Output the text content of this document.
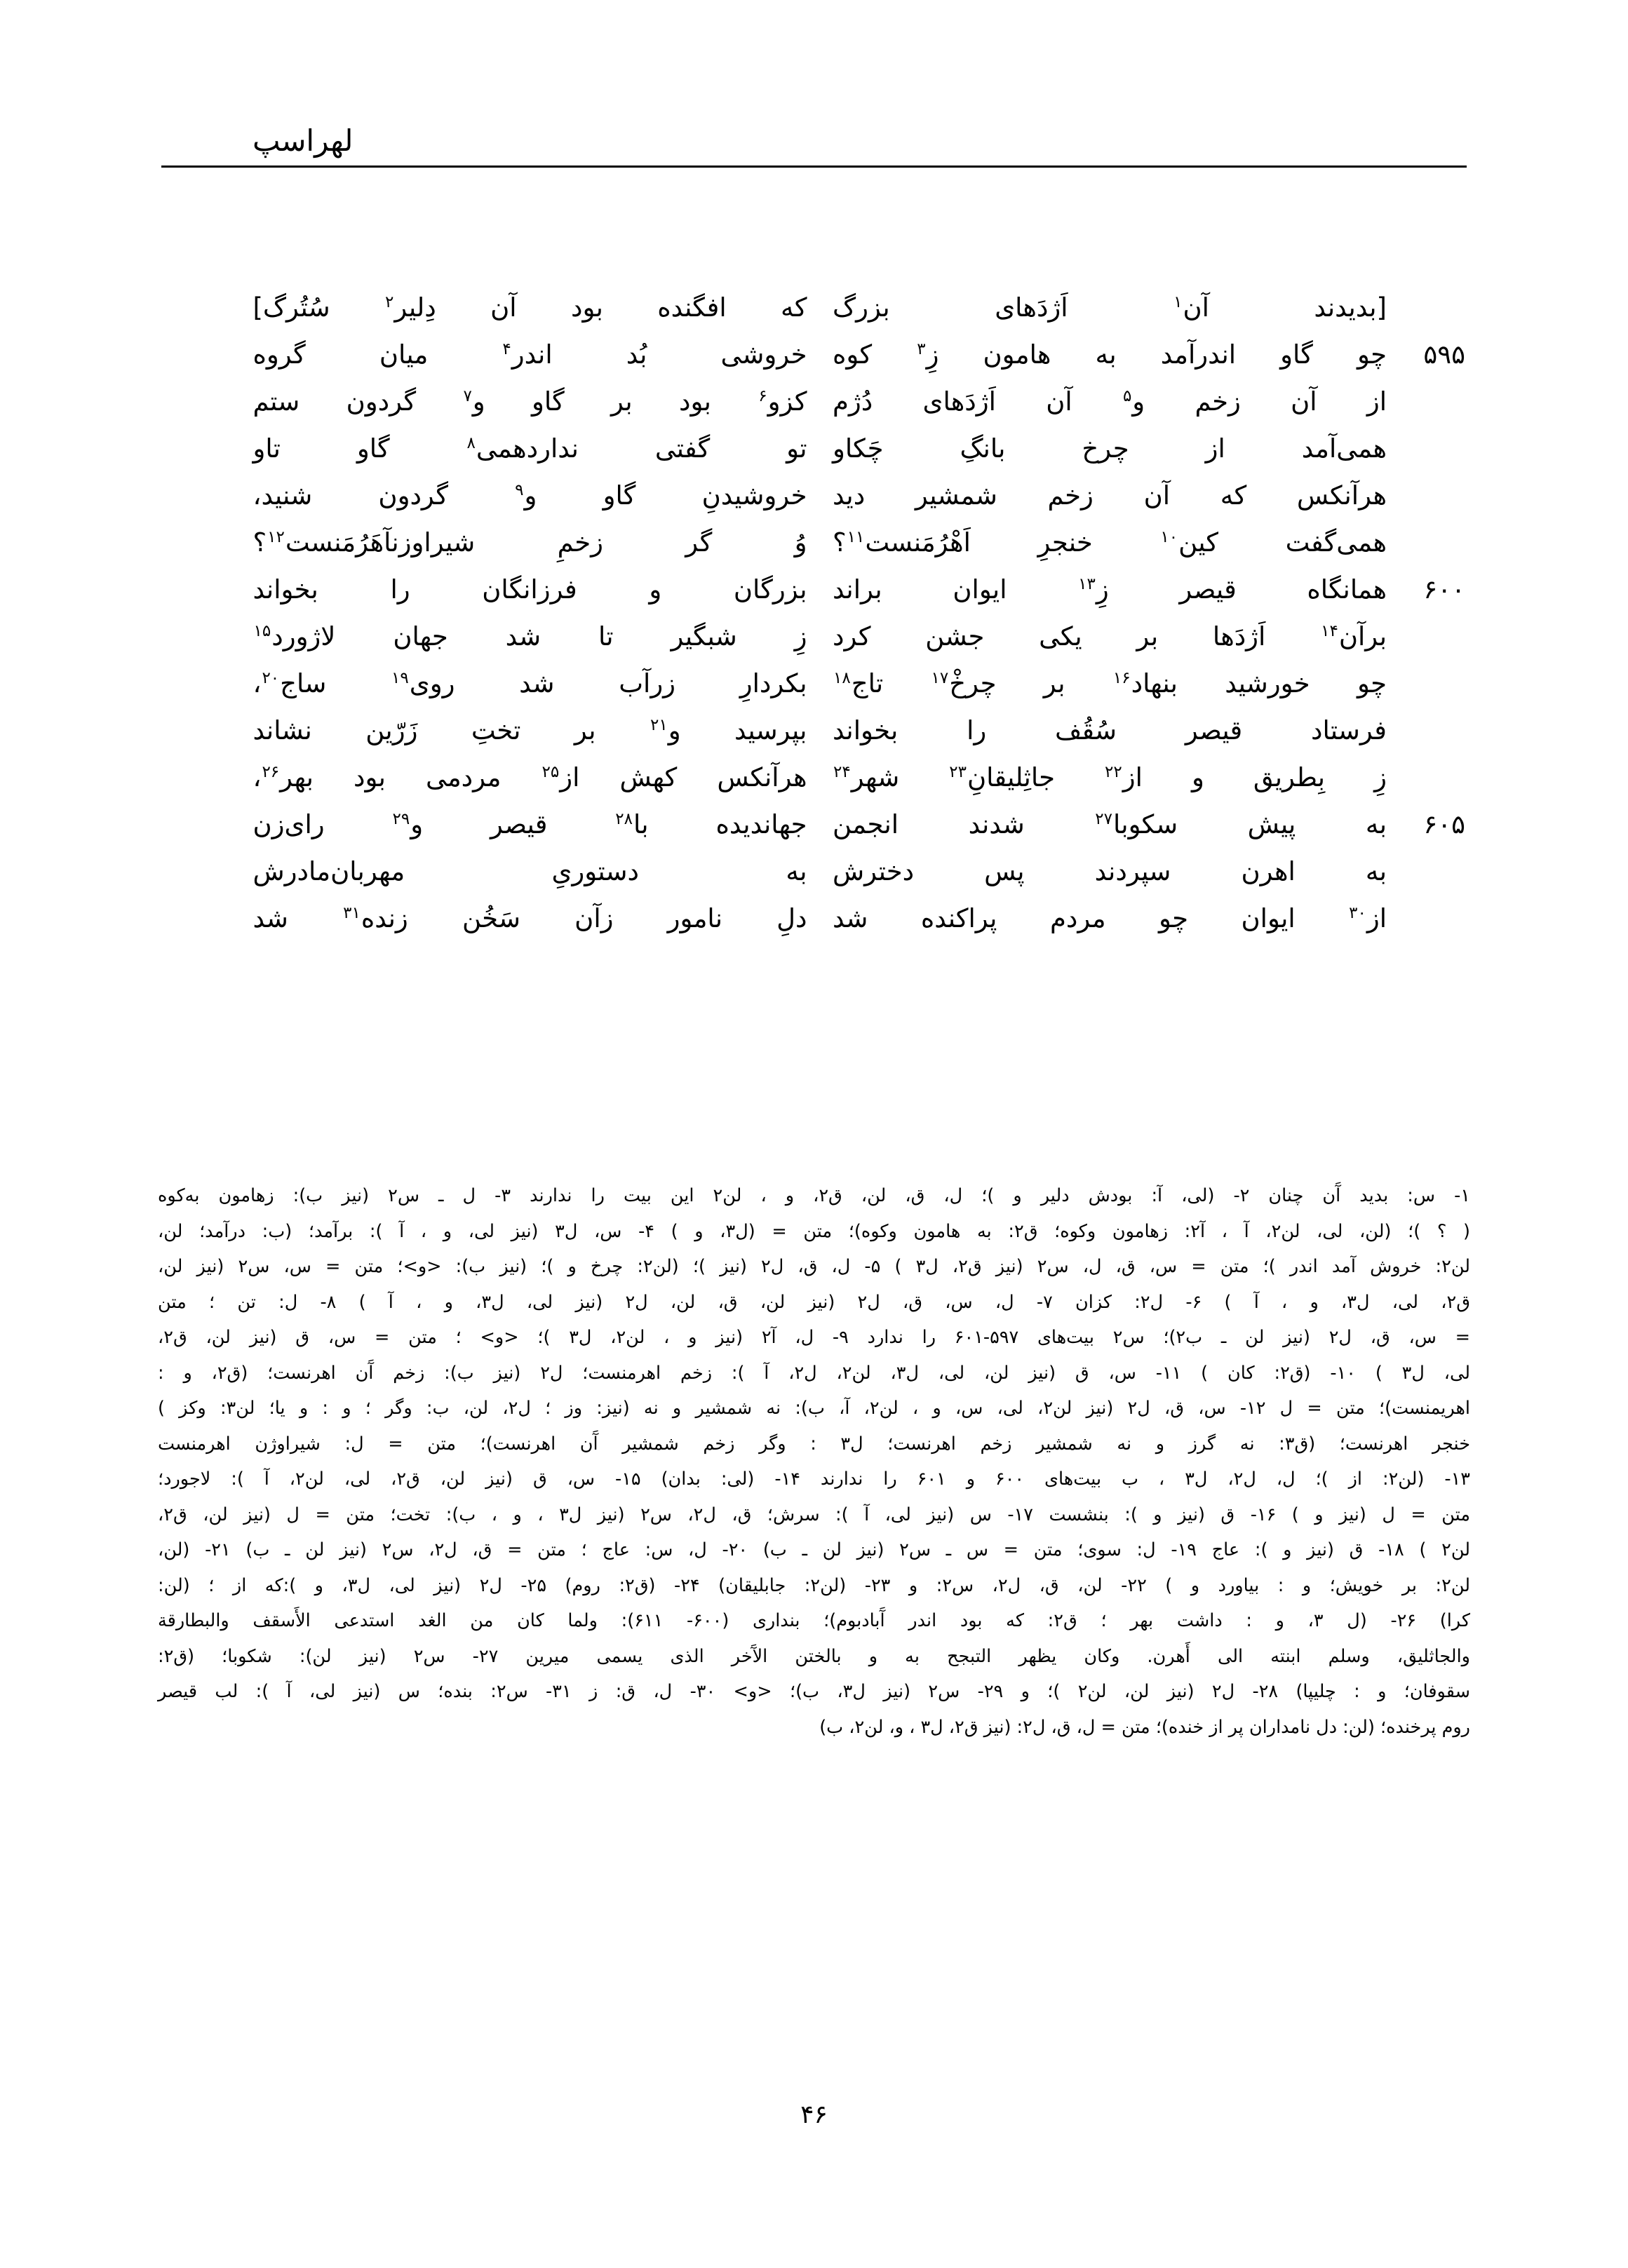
لهراسپ
[بدیدند آن$^۱$ اَژدَهای بزرگ
که افگنده بود آن دِلیر$^۲$ سُتُرگ]
۵۹۵
چو گاو اندرآمد به هامون زِ$^۳$ کوه
خروشی بُد اندر$^۴$ میان گروه
از آن زخم و$^۵$ آن اَژدَهای دُژم
کزو$^۶$ بود بر گاو و$^۷$ گردون ستم
همی‌آمد از چرخ بانگِ چَکاو
تو گفتی نداردهمی$^۸$ گاو تاو
هرآنکس که آن زخم شمشیر دید
خروشیدنِ گاو و$^۹$ گردون شنید،
همی‌گفت کین$^{۱۰}$ خنجرِ اَهْرُمَنست$^{۱۱}$؟
وُ گر زخمِ شیراوزنآهَرُمَنست$^{۱۲}$؟
۶۰۰
همانگاه قیصر زِ$^{۱۳}$ ایوان براند
بزرگان و فرزانگان را بخواند
برآن$^{۱۴}$ اَژدَها بر یکی جشن کرد
زِ شبگیر تا شد جهان لاژورد$^{۱۵}$
چو خورشید بنهاد$^{۱۶}$ بر چرخْ$^{۱۷}$ تاج$^{۱۸}$
بکردارِ زرآب شد روی$^{۱۹}$ ساج$^{۲۰}$،
فرستاد قیصر سُقُف را بخواند
بپرسید و$^{۲۱}$ بر تختِ زَرّین نشاند
زِ بِطریق و از$^{۲۲}$ جاثِلیقانِ$^{۲۳}$ شهر$^{۲۴}$
هرآنکس کهش از$^{۲۵}$ مردمی بود بهر$^{۲۶}$،
۶۰۵
به پیش سکوبا$^{۲۷}$ شدند انجمن
جهاندیده با$^{۲۸}$ قیصر و$^{۲۹}$ رای‌زن
به اهرن سپردند پس دخترش
به دستوریِ مهربان‌مادرش
از$^{۳۰}$ ایوان چو مردم پراکنده شد
دلِ نامور زآن سَخُن زنده$^{۳۱}$ شد

۱- س: بدید آَن چنان ۲- (لی، آ: بودش دلیر و )؛ ل، ق، لن، ق۲، و ، لن۲ این بیت را ندارند ۳- ل ـ س۲ (نیز ب): زهامون به‌کوه

( ؟ )؛ (لن، لی، لن۲، آ ، آ۲: زهامون وکوه؛ ق۲: به هامون وکوه)؛ متن = (ل۳، و ) ۴- س، ل۳ (نیز لی، و ، آ ): برآمد؛ (ب: درآمد؛ لن،

لن۲: خروش آمد اندر )؛ متن = س، ق، ل، س۲ (نیز ق۲، ل۳ ) ۵- ل، ق، ل۲ (نیز )؛ (لن۲: چرخ و )؛ (نیز ب): <و>؛ متن = س، س۲ (نیز لن،

ق۲، لی، ل۳، و ، آ ) ۶- ل۲: کزان ۷- ل، س، ق، ل۲ (نیز لن، ق، لن، ل۲ (نیز لی، ل۳، و ، آ ) ۸- ل: تن ؛ متن

= س، ق، ل۲ (نیز لن ـ ب۲)؛ س۲ بیت‌های ۵۹۷-۶۰۱ را ندارد ۹- ل، آ۲ (نیز و ، لن۲، ل۳ )؛ <و> ؛ متن = س، ق (نیز لن، ق۲،

لی، ل۳ ) ۱۰- (ق۲: کان ) ۱۱- س، ق (نیز لن، لی، ل۳، لن۲، ل۲، آ ): زخم اهرمنست؛ ل۲ (نیز ب): زخم آَن اهرنست؛ (ق۲، و :

اهریمنست)؛ متن = ل ۱۲- س، ق، ل۲ (نیز لن۲، لی، س، و ، لن۲، آ، ب): نه شمشیر و نه (نیز: وز ؛ ل۲، لن، ب: وگر ؛ و : و یا؛ لن۳: وکز )

خنجر اهرنست؛ (ق۳: نه گرز و نه شمشیر زخم اهرنست؛ ل۳ : وگر زخم شمشیر آَن اهرنست)؛ متن = ل: شیراوژن اهرمنست

۱۳- (لن۲: از )؛ ل، ل۲، ل۳ ، ب بیت‌های ۶۰۰ و ۶۰۱ را ندارند ۱۴- (لی: بدان) ۱۵- س، ق (نیز لن، ق۲، لی، لن۲، آ ): لاجورد؛

متن = ل (نیز و ) ۱۶- ق (نیز و ): بنشست ۱۷- س (نیز لی، آ ): سرش؛ ق، ل۲، س۲ (نیز ل۳ ، و ، ب): تخت؛ متن = ل (نیز لن، ق۲،

لن۲ ) ۱۸- ق (نیز و ): عاج ۱۹- ل: سوی؛ متن = س ـ س۲ (نیز لن ـ ب) ۲۰- ل، س: عاج ؛ متن = ق، ل۲، س۲ (نیز لن ـ ب) ۲۱- (لن،

لن۲: بر خویش؛ و : بیاورد و ) ۲۲- لن، ق، ل۲، س۲: و ۲۳- (لن۲: جابلیقان) ۲۴- (ق۲: روم) ۲۵- ل۲ (نیز لی، ل۳، و ):که از ؛ (لن:

کرا) ۲۶- (ل ۳، و : داشت بهر ؛ ق۲: که بود اندر آَبادبوم)؛ بنداری (۶۰۰- ۶۱۱): ولما کان من الغد استدعی الأَسقف والبطارقة

والجاثلیق، وسلم ابنته الی أَهرن. وکان یظهر التبجح به و بالختن الآَخر الذی یسمی میرین ۲۷- س۲ (نیز لن): شکوبا؛ (ق۲:

سقوفان؛ و : چلیپا) ۲۸- ل۲ (نیز لن، لن۲ )؛ و ۲۹- س۲ (نیز ل۳، ب)؛ <و> ۳۰- ل، ق: ز ۳۱- س۲: بنده؛ س (نیز لی، آ ): لب قیصر

روم پرخنده؛ (لن: دل نامداران پر از خنده)؛ متن = ل، ق، ل۲: (نیز ق۲، ل۳ ، و، لن۲، ب)

۴۶
